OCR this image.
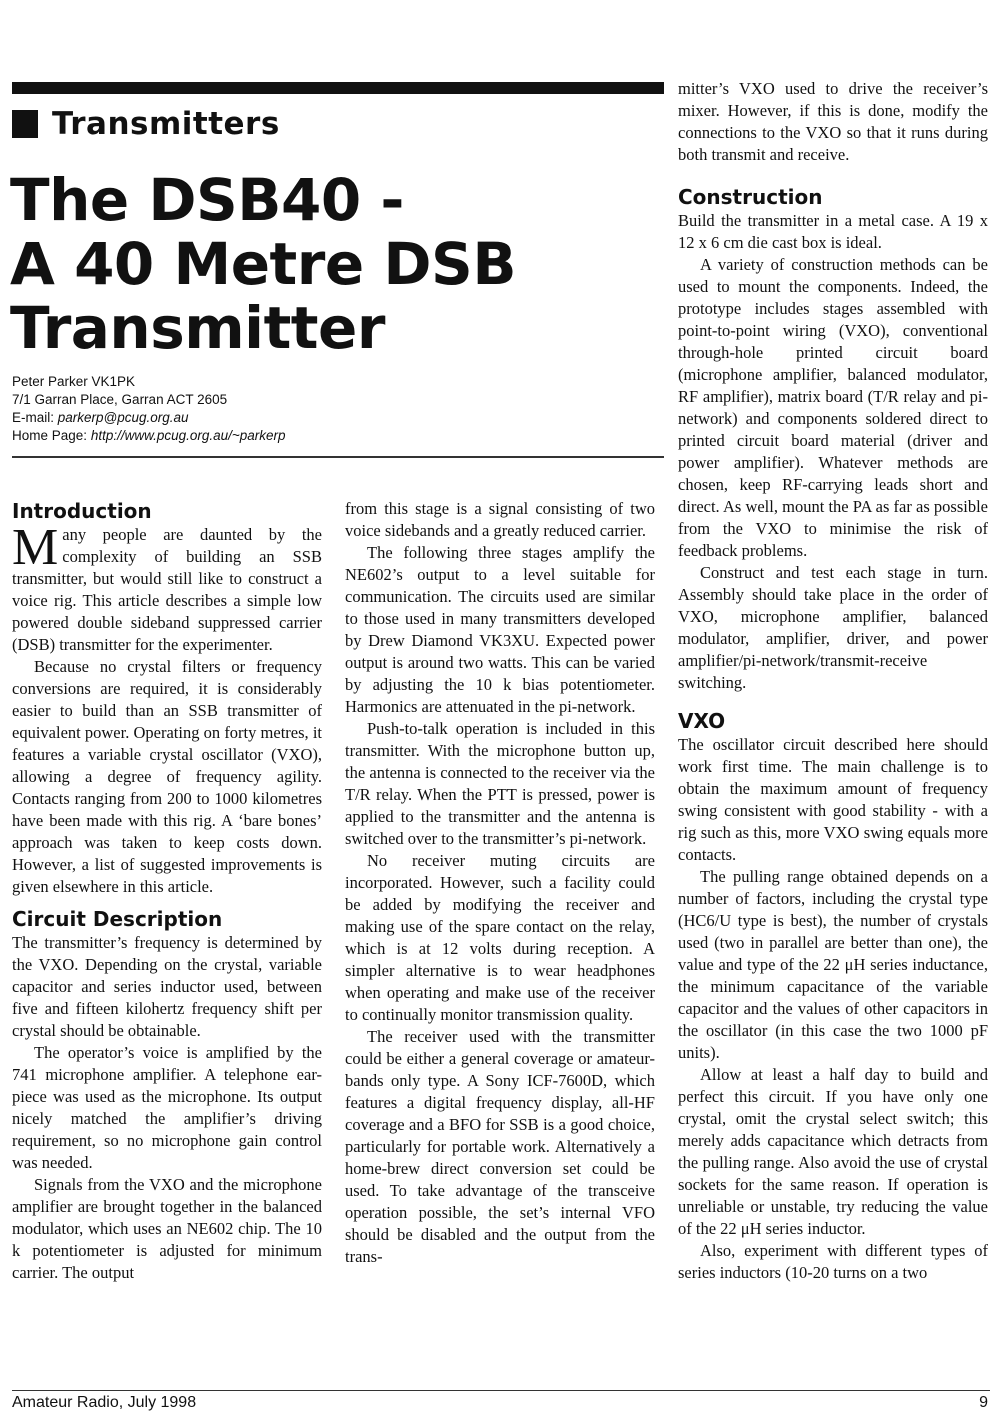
Transmitters
The DSB40 -
A 40 Metre DSB
Transmitter
Peter Parker VK1PK
7/1 Garran Place, Garran ACT 2605
E-mail: parkerp@pcug.org.au
Home Page: http://www.pcug.org.au/~parkerp
Introduction

Many people are daunted by the complexity of building an SSB transmitter, but would still like to construct a voice rig. This article describes a simple low powered double sideband suppressed carrier (DSB) transmitter for the experimenter.

Because no crystal filters or frequency conversions are required, it is considerably easier to build than an SSB transmitter of equivalent power. Operating on forty metres, it features a variable crystal oscillator (VXO), allowing a degree of frequency agility. Contacts ranging from 200 to 1000 kilometres have been made with this rig. A ‘bare bones’ approach was taken to keep costs down. However, a list of suggested improvements is given elsewhere in this article.

Circuit Description

The transmitter’s frequency is determined by the VXO. Depending on the crystal, variable capacitor and series inductor used, between five and fifteen kilohertz frequency shift per crystal should be obtainable.

The operator’s voice is amplified by the 741 microphone amplifier. A telephone ear-piece was used as the microphone. Its output nicely matched the amplifier’s driving requirement, so no microphone gain control was needed.

Signals from the VXO and the microphone amplifier are brought together in the balanced modulator, which uses an NE602 chip. The 10 k potentiometer is adjusted for minimum carrier. The output

from this stage is a signal consisting of two voice sidebands and a greatly reduced carrier.

The following three stages amplify the NE602’s output to a level suitable for communication. The circuits used are similar to those used in many transmitters developed by Drew Diamond VK3XU. Expected power output is around two watts. This can be varied by adjusting the 10 k bias potentiometer. Harmonics are attenuated in the pi-network.

Push-to-talk operation is included in this transmitter. With the microphone button up, the antenna is connected to the receiver via the T/R relay. When the PTT is pressed, power is applied to the transmitter and the antenna is switched over to the transmitter’s pi-network.

No receiver muting circuits are incorporated. However, such a facility could be added by modifying the receiver and making use of the spare contact on the relay, which is at 12 volts during reception. A simpler alternative is to wear headphones when operating and make use of the receiver to continually monitor transmission quality.

The receiver used with the transmitter could be either a general coverage or amateur-bands only type. A Sony ICF-7600D, which features a digital frequency display, all-HF coverage and a BFO for SSB is a good choice, particularly for portable work. Alternatively a home-brew direct conversion set could be used. To take advantage of the transceive operation possible, the set’s internal VFO should be disabled and the output from the trans-

mitter’s VXO used to drive the receiver’s mixer. However, if this is done, modify the connections to the VXO so that it runs during both transmit and receive.

Construction

Build the transmitter in a metal case. A 19 x 12 x 6 cm die cast box is ideal.

A variety of construction methods can be used to mount the components. Indeed, the prototype includes stages assembled with point-to-point wiring (VXO), conventional through-hole printed circuit board (microphone amplifier, balanced modulator, RF amplifier), matrix board (T/R relay and pi-network) and components soldered direct to printed circuit board material (driver and power amplifier). Whatever methods are chosen, keep RF-carrying leads short and direct. As well, mount the PA as far as possible from the VXO to minimise the risk of feedback problems.

Construct and test each stage in turn. Assembly should take place in the order of VXO, microphone amplifier, balanced modulator, amplifier, driver, and power amplifier/pi-network/transmit-receive switching.

VXO

The oscillator circuit described here should work first time. The main challenge is to obtain the maximum amount of frequency swing consistent with good stability - with a rig such as this, more VXO swing equals more contacts.

The pulling range obtained depends on a number of factors, including the crystal type (HC6/U type is best), the number of crystals used (two in parallel are better than one), the value and type of the 22 μH series inductance, the minimum capacitance of the variable capacitor and the values of other capacitors in the oscillator (in this case the two 1000 pF units).

Allow at least a half day to build and perfect this circuit. If you have only one crystal, omit the crystal select switch; this merely adds capacitance which detracts from the pulling range. Also avoid the use of crystal sockets for the same reason. If operation is unreliable or unstable, try reducing the value of the 22 μH series inductor.

Also, experiment with different types of series inductors (10-20 turns on a two

Amateur Radio, July 1998	9
